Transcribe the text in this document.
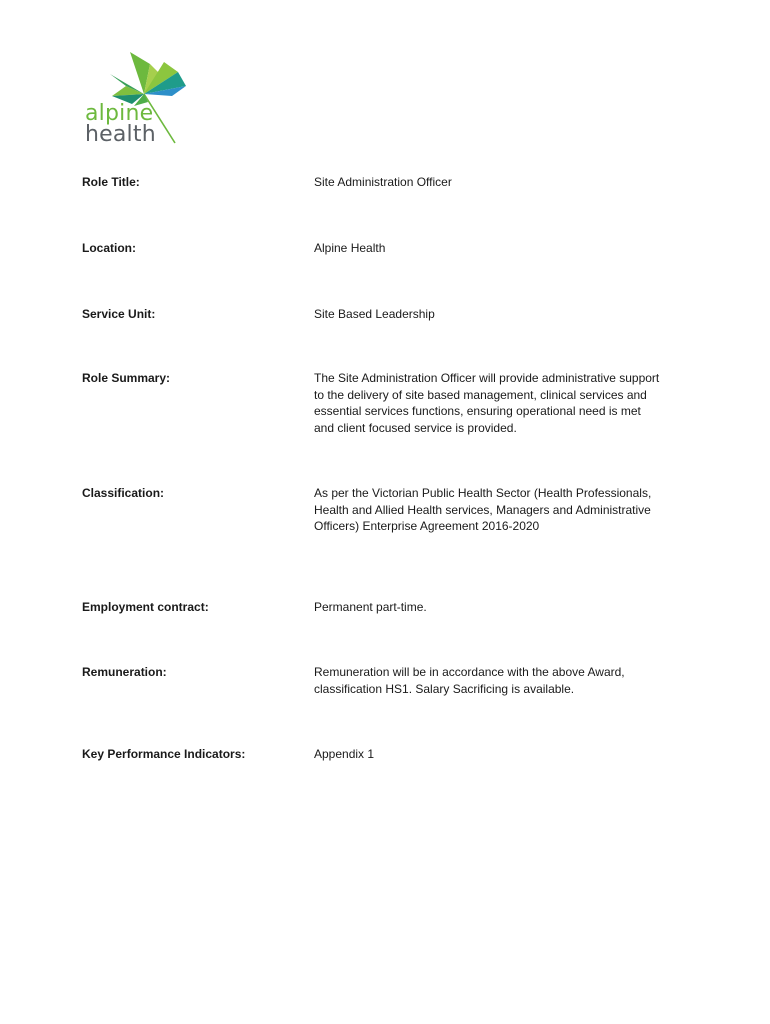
alpine
health
Role Title:	Site Administration Officer
Location:	Alpine Health
Service Unit:	Site Based Leadership
Role Summary:	The Site Administration Officer will provide administrative support to the delivery of site based management, clinical services and essential services functions, ensuring operational need is met and client focused service is provided.
Classification:	As per the Victorian Public Health Sector (Health Professionals, Health and Allied Health services, Managers and Administrative Officers) Enterprise Agreement 2016-2020
Employment contract:	Permanent part-time.
Remuneration:	Remuneration will be in accordance with the above Award, classification HS1. Salary Sacrificing is available.
Key Performance Indicators:	Appendix 1
